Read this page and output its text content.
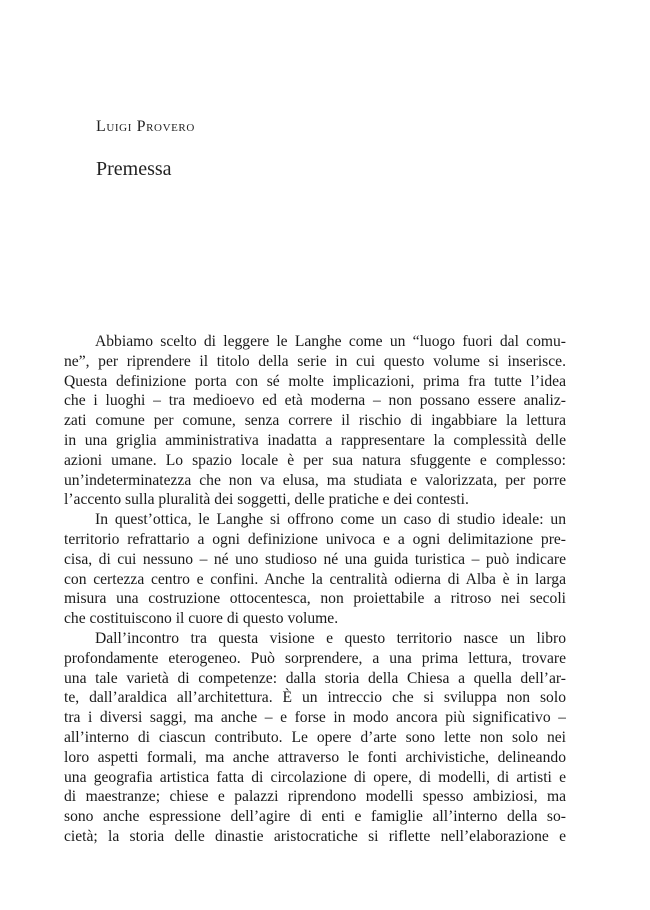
Luigi Provero
Premessa
Abbiamo scelto di leggere le Langhe come un “luogo fuori dal comu-
ne”, per riprendere il titolo della serie in cui questo volume si inserisce.
Questa definizione porta con sé molte implicazioni, prima fra tutte l’idea
che i luoghi – tra medioevo ed età moderna – non possano essere analiz-
zati comune per comune, senza correre il rischio di ingabbiare la lettura
in una griglia amministrativa inadatta a rappresentare la complessità delle
azioni umane. Lo spazio locale è per sua natura sfuggente e complesso:
un’indeterminatezza che non va elusa, ma studiata e valorizzata, per porre
l’accento sulla pluralità dei soggetti, delle pratiche e dei contesti.
In quest’ottica, le Langhe si offrono come un caso di studio ideale: un
territorio refrattario a ogni definizione univoca e a ogni delimitazione pre-
cisa, di cui nessuno – né uno studioso né una guida turistica – può indicare
con certezza centro e confini. Anche la centralità odierna di Alba è in larga
misura una costruzione ottocentesca, non proiettabile a ritroso nei secoli
che costituiscono il cuore di questo volume.
Dall’incontro tra questa visione e questo territorio nasce un libro
profondamente eterogeneo. Può sorprendere, a una prima lettura, trovare
una tale varietà di competenze: dalla storia della Chiesa a quella dell’ar-
te, dall’araldica all’architettura. È un intreccio che si sviluppa non solo
tra i diversi saggi, ma anche – e forse in modo ancora più significativo –
all’interno di ciascun contributo. Le opere d’arte sono lette non solo nei
loro aspetti formali, ma anche attraverso le fonti archivistiche, delineando
una geografia artistica fatta di circolazione di opere, di modelli, di artisti e
di maestranze; chiese e palazzi riprendono modelli spesso ambiziosi, ma
sono anche espressione dell’agire di enti e famiglie all’interno della so-
cietà; la storia delle dinastie aristocratiche si riflette nell’elaborazione e
